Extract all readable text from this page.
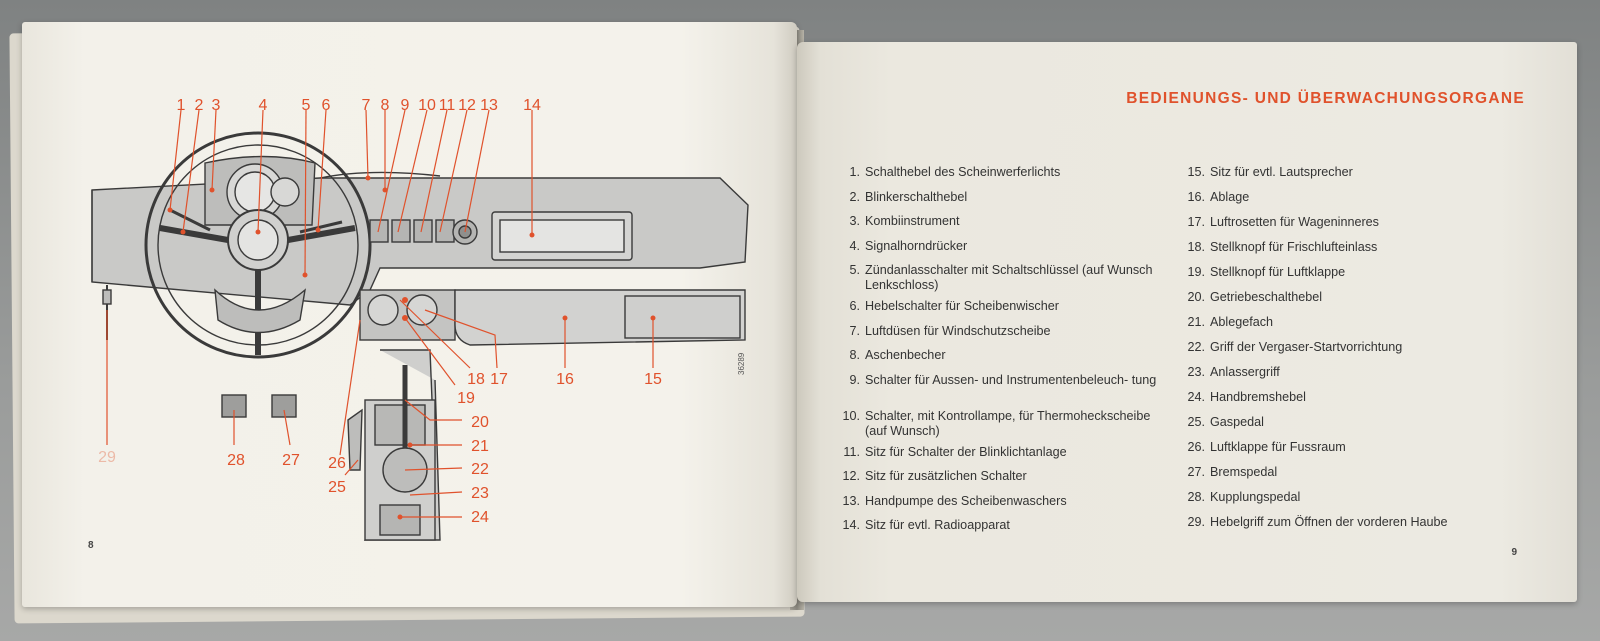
1 2 3 4 5 6 7 8 9 10 11 12 13 14
15
16
17
18
19
20
21
22
23
24
25
26
27
28
29
36289
8
BEDIENUNGS- UND ÜBERWACHUNGSORGANE
1. Schalthebel des Scheinwerferlichts
2. Blinkerschalthebel
3. Kombiinstrument
4. Signalhorndrücker
5. Zündanlasschalter mit Schaltschlüssel (auf Wunsch Lenkschloss)
6. Hebelschalter für Scheibenwischer
7. Luftdüsen für Windschutzscheibe
8. Aschenbecher
9. Schalter für Aussen- und Instrumentenbeleuch- tung
10. Schalter, mit Kontrollampe, für Thermoheckscheibe (auf Wunsch)
11. Sitz für Schalter der Blinklichtanlage
12. Sitz für zusätzlichen Schalter
13. Handpumpe des Scheibenwaschers
14. Sitz für evtl. Radioapparat
15. Sitz für evtl. Lautsprecher
16. Ablage
17. Luftrosetten für Wageninneres
18. Stellknopf für Frischlufteinlass
19. Stellknopf für Luftklappe
20. Getriebeschalthebel
21. Ablegefach
22. Griff der Vergaser-Startvorrichtung
23. Anlassergriff
24. Handbremshebel
25. Gaspedal
26. Luftklappe für Fussraum
27. Bremspedal
28. Kupplungspedal
29. Hebelgriff zum Öffnen der vorderen Haube
9
